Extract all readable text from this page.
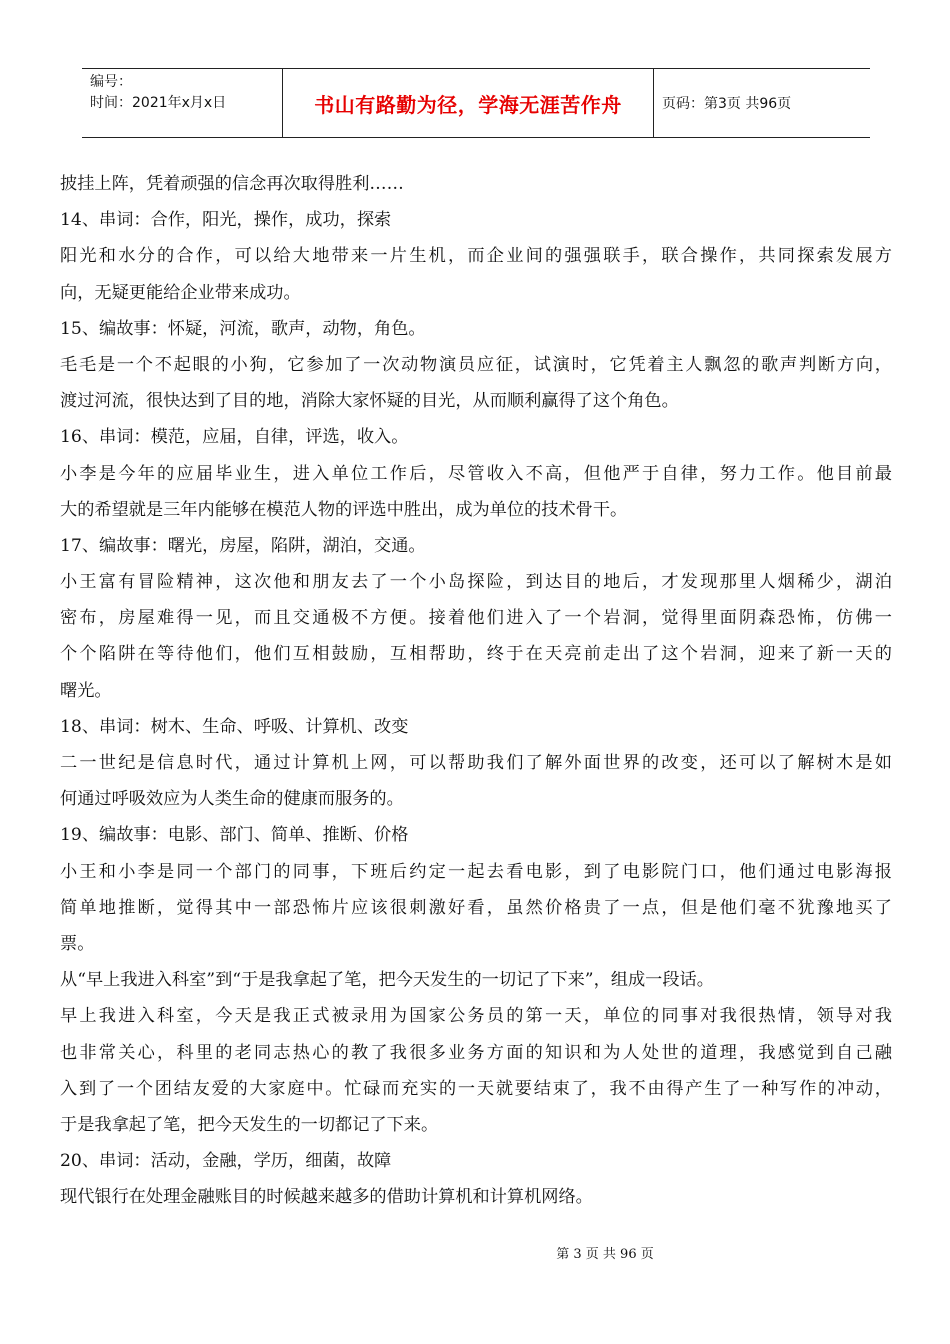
编号：
时间：2021年x月x日	书山有路勤为径，学海无涯苦作舟	页码：第3页 共96页
披挂上阵，凭着顽强的信念再次取得胜利……
14、串词：合作，阳光，操作，成功，探索
阳光和水分的合作，可以给大地带来一片生机，而企业间的强强联手，联合操作，共同探索发展方
向，无疑更能给企业带来成功。
15、编故事：怀疑，河流，歌声，动物，角色。
毛毛是一个不起眼的小狗，它参加了一次动物演员应征，试演时，它凭着主人飘忽的歌声判断方向，
渡过河流，很快达到了目的地，消除大家怀疑的目光，从而顺利赢得了这个角色。
16、串词：模范，应届，自律，评选，收入。
小李是今年的应届毕业生，进入单位工作后，尽管收入不高，但他严于自律，努力工作。他目前最
大的希望就是三年内能够在模范人物的评选中胜出，成为单位的技术骨干。
17、编故事：曙光，房屋，陷阱，湖泊，交通。
小王富有冒险精神，这次他和朋友去了一个小岛探险，到达目的地后，才发现那里人烟稀少，湖泊
密布，房屋难得一见，而且交通极不方便。接着他们进入了一个岩洞，觉得里面阴森恐怖，仿佛一
个个陷阱在等待他们，他们互相鼓励，互相帮助，终于在天亮前走出了这个岩洞，迎来了新一天的
曙光。
18、串词：树木、生命、呼吸、计算机、改变
二一世纪是信息时代，通过计算机上网，可以帮助我们了解外面世界的改变，还可以了解树木是如
何通过呼吸效应为人类生命的健康而服务的。
19、编故事：电影、部门、简单、推断、价格
小王和小李是同一个部门的同事，下班后约定一起去看电影，到了电影院门口，他们通过电影海报
简单地推断，觉得其中一部恐怖片应该很刺激好看，虽然价格贵了一点，但是他们毫不犹豫地买了
票。
从“早上我进入科室”到“于是我拿起了笔，把今天发生的一切记了下来”，组成一段话。
早上我进入科室，今天是我正式被录用为国家公务员的第一天，单位的同事对我很热情，领导对我
也非常关心，科里的老同志热心的教了我很多业务方面的知识和为人处世的道理，我感觉到自己融
入到了一个团结友爱的大家庭中。忙碌而充实的一天就要结束了，我不由得产生了一种写作的冲动，
于是我拿起了笔，把今天发生的一切都记了下来。
20、串词：活动，金融，学历，细菌，故障
现代银行在处理金融账目的时候越来越多的借助计算机和计算机网络。
第 3 页 共 96 页
